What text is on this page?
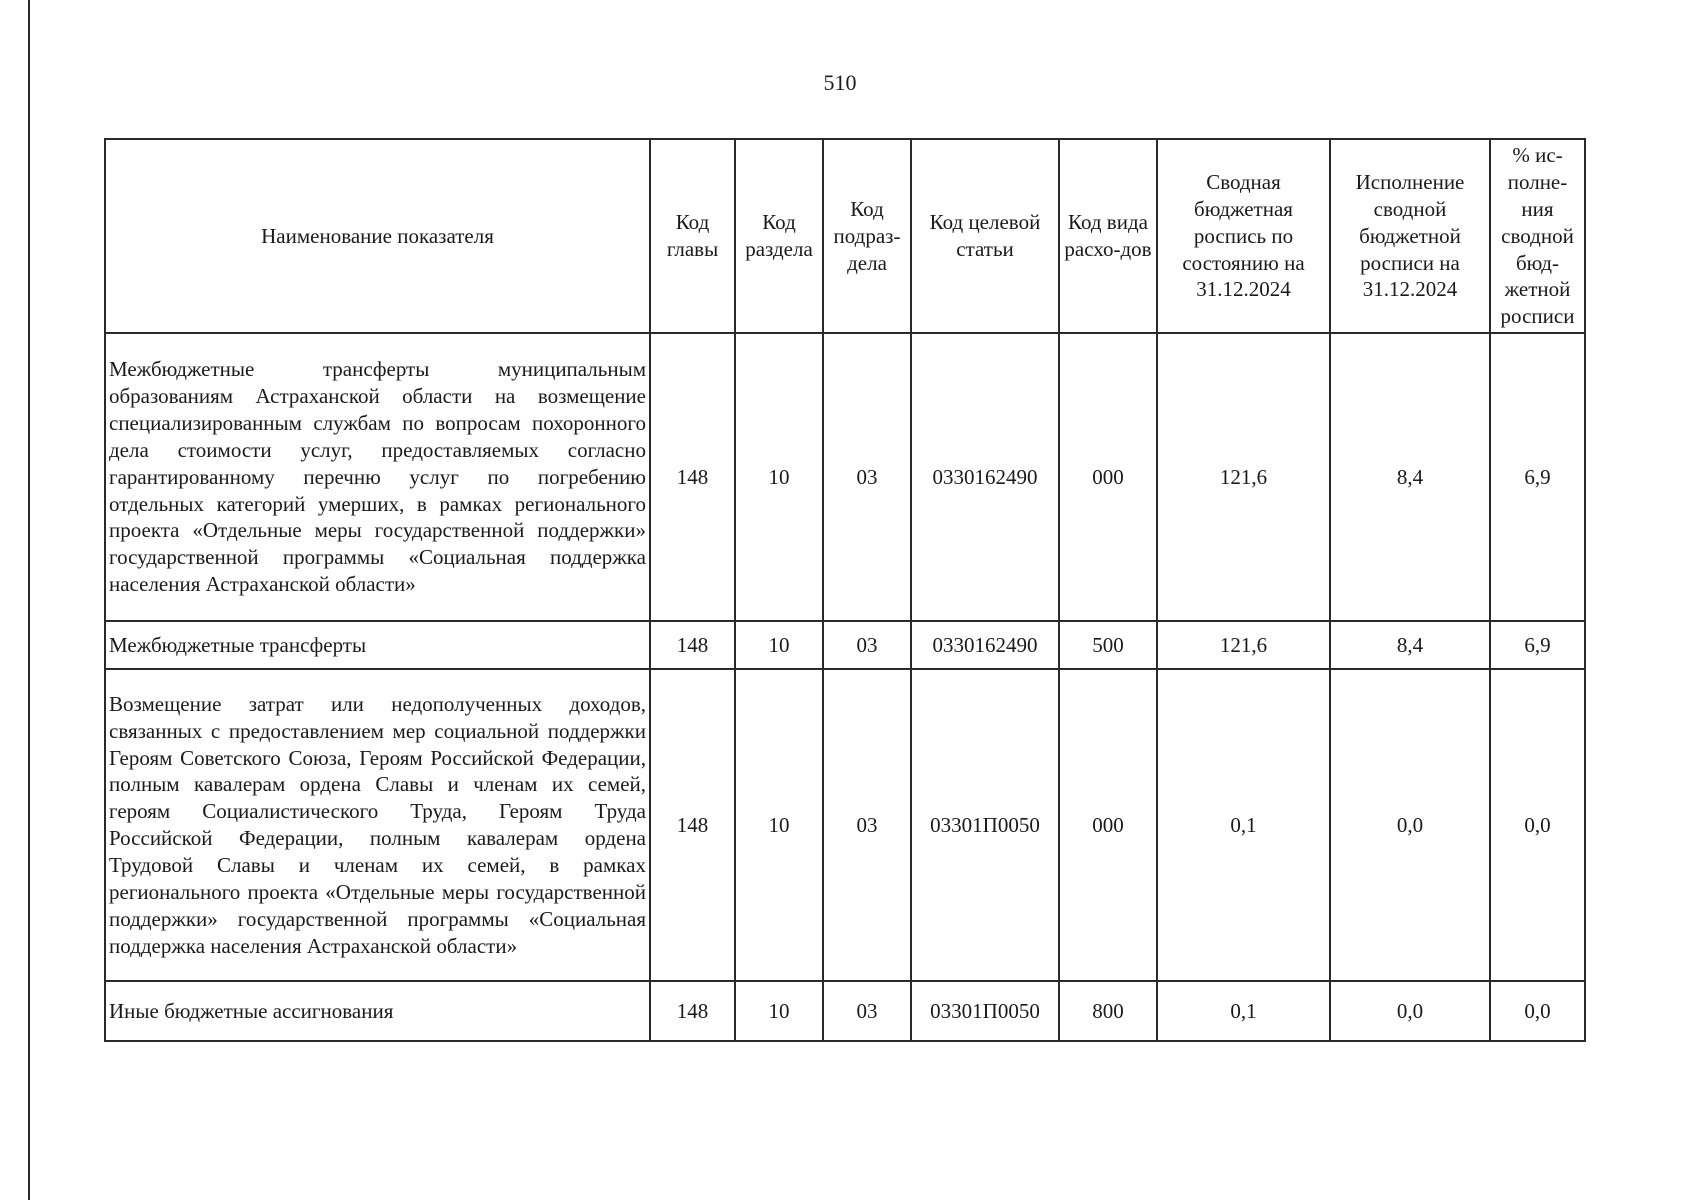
510
Наименование показателя	Код главы	Код раздела	Код подраз-дела	Код целевой статьи	Код вида расхо-дов	Сводная бюджетная роспись по состоянию на 31.12.2024	Исполнение сводной бюджетной росписи на 31.12.2024	% ис-полне-ния сводной бюд-жетной росписи
Межбюджетные трансферты муниципальным образованиям Астраханской области на возмещение специализированным службам по вопросам похоронного дела стоимости услуг, предоставляемых согласно гарантированному перечню услуг по погребению отдельных категорий умерших, в рамках регионального проекта «Отдельные меры государственной поддержки» государственной программы «Социальная поддержка населения Астраханской области»	148	10	03	0330162490	000	121,6	8,4	6,9
Межбюджетные трансферты	148	10	03	0330162490	500	121,6	8,4	6,9
Возмещение затрат или недополученных доходов, связанных с предоставлением мер социальной поддержки Героям Советского Союза, Героям Российской Федерации, полным кавалерам ордена Славы и членам их семей, героям Социалистического Труда, Героям Труда Российской Федерации, полным кавалерам ордена Трудовой Славы и членам их семей, в рамках регионального проекта «Отдельные меры государственной поддержки» государственной программы «Социальная поддержка населения Астраханской области»	148	10	03	03301П0050	000	0,1	0,0	0,0
Иные бюджетные ассигнования	148	10	03	03301П0050	800	0,1	0,0	0,0
